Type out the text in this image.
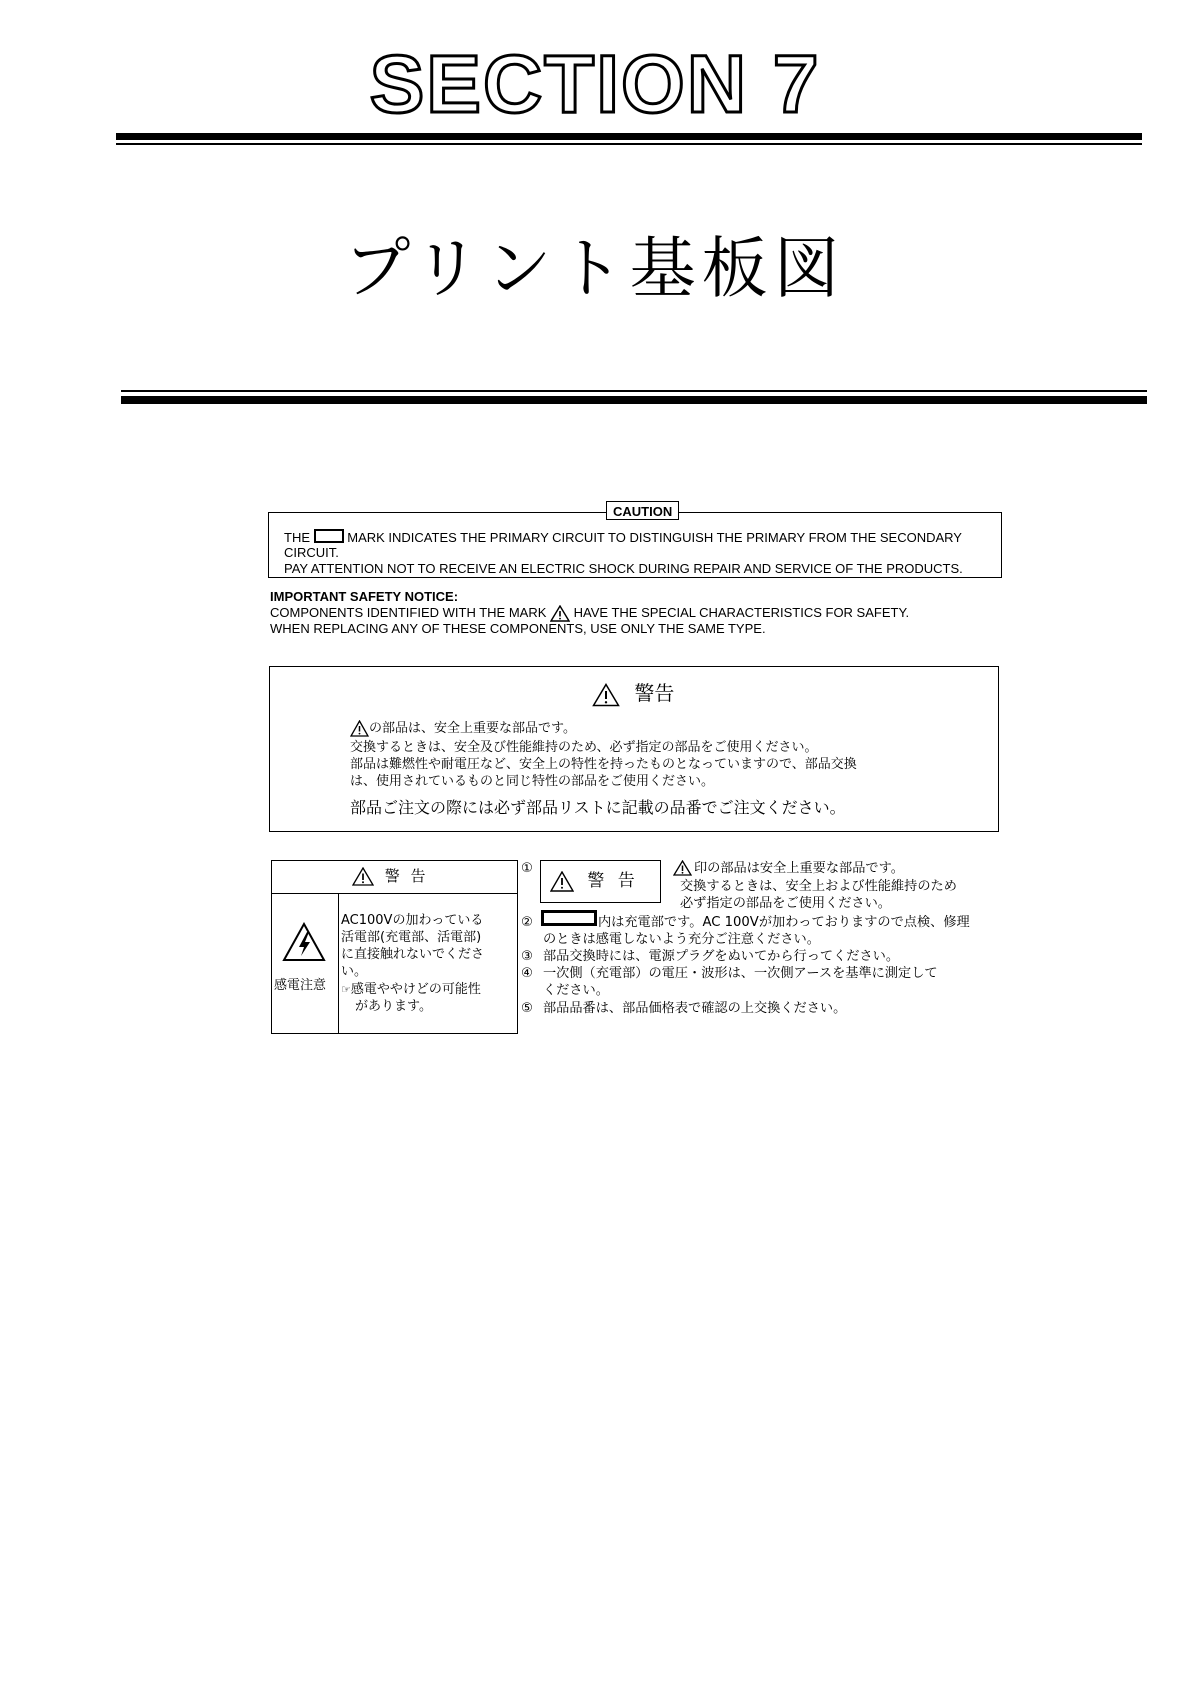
SECTION 7
プリント基板図
CAUTION
THE	MARK INDICATES THE PRIMARY CIRCUIT TO DISTINGUISH THE PRIMARY FROM THE SECONDARY
CIRCUIT.
PAY ATTENTION NOT TO RECEIVE AN ELECTRIC SHOCK DURING REPAIR AND SERVICE OF THE PRODUCTS.
IMPORTANT SAFETY NOTICE:
COMPONENTS IDENTIFIED WITH THE MARK HAVE THE SPECIAL CHARACTERISTICS FOR SAFETY.
WHEN REPLACING ANY OF THESE COMPONENTS, USE ONLY THE SAME TYPE.
警告
の部品は、安全上重要な部品です。
交換するときは、安全及び性能維持のため、必ず指定の部品をご使用ください。
部品は難燃性や耐電圧など、安全上の特性を持ったものとなっていますので、部品交換
は、使用されているものと同じ特性の部品をご使用ください。
部品ご注文の際には必ず部品リストに記載の品番でご注文ください。
警 告
感電注意
AC100Vの加わっている
活電部(充電部、活電部)
に直接触れないでくださ
い。
☞感電ややけどの可能性
があります。
①
警 告
印の部品は安全上重要な部品です。
交換するときは、安全上および性能維持のため
必ず指定の部品をご使用ください。
②	内は充電部です。AC 100Vが加わっておりますので点検、修理
のときは感電しないよう充分ご注意ください。
③ 部品交換時には、電源プラグをぬいてから行ってください。
④ 一次側（充電部）の電圧・波形は、一次側アースを基準に測定して
ください。
⑤ 部品品番は、部品価格表で確認の上交換ください。
